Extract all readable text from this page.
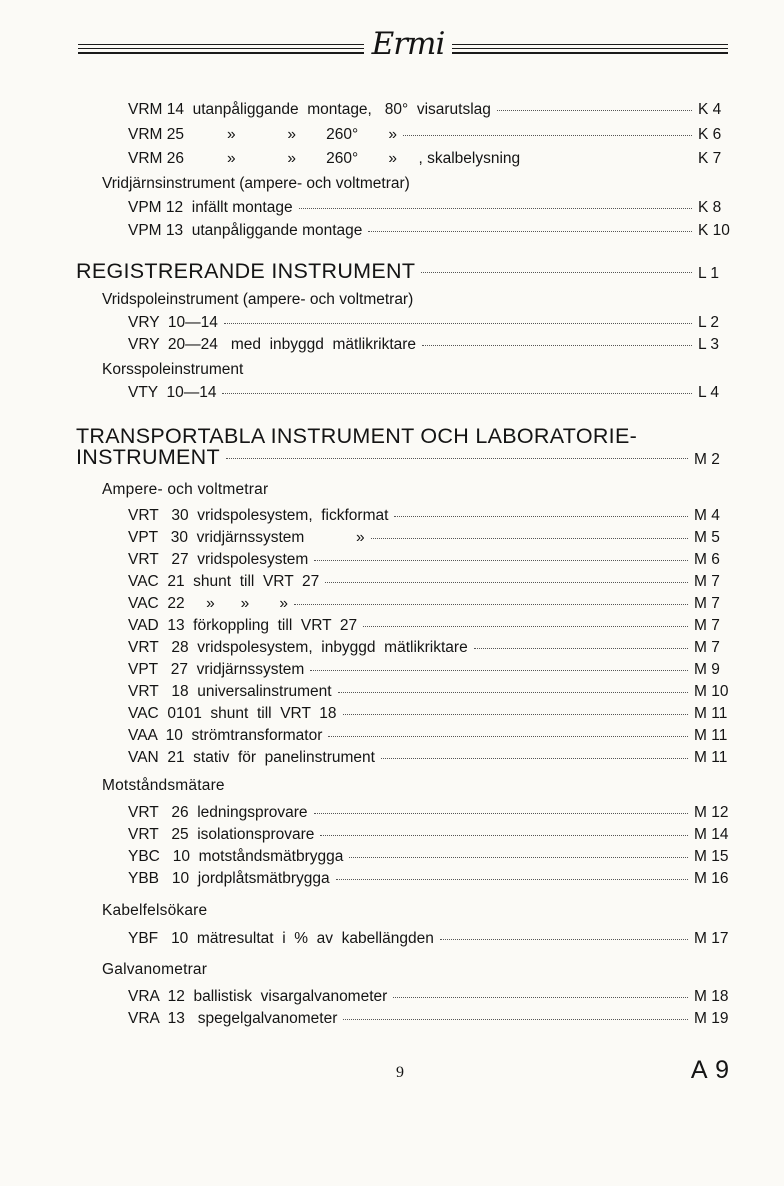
Ermi
VRM 14  utanpåliggande  montage,   80°  visarutslag	K 4
VRM 25          »            »       260°       »	K 6
VRM 26          »            »       260°       »     , skalbelysning	K 7
Vridjärnsinstrument (ampere- och voltmetrar)
VPM 12  infällt montage	K 8
VPM 13  utanpåliggande montage	K 10
REGISTRERANDE INSTRUMENT	L 1
Vridspoleinstrument (ampere- och voltmetrar)
VRY  10—14	L 2
VRY  20—24   med  inbyggd  mätlikriktare	L 3
Korsspoleinstrument
VTY  10—14	L 4
TRANSPORTABLA INSTRUMENT OCH LABORATORIE-
INSTRUMENT	M 2
Ampere- och voltmetrar
VRT   30  vridspolesystem,  fickformat	M 4
VPT   30  vridjärnssystem            »	M 5
VRT   27  vridspolesystem	M 6
VAC  21  shunt  till  VRT  27	M 7
VAC  22     »      »       »	M 7
VAD  13  förkoppling  till  VRT  27	M 7
VRT   28  vridspolesystem,  inbyggd  mätlikriktare	M 7
VPT   27  vridjärnssystem	M 9
VRT   18  universalinstrument	M 10
VAC  0101  shunt  till  VRT  18	M 11
VAA  10  strömtransformator	M 11
VAN  21  stativ  för  panelinstrument	M 11
Motståndsmätare
VRT   26  ledningsprovare	M 12
VRT   25  isolationsprovare	M 14
YBC   10  motståndsmätbrygga	M 15
YBB   10  jordplåtsmätbrygga	M 16
Kabelfelsökare
YBF   10  mätresultat  i  %  av  kabellängden	M 17
Galvanometrar
VRA  12  ballistisk  visargalvanometer	M 18
VRA  13   spegelgalvanometer	M 19
9	A 9
